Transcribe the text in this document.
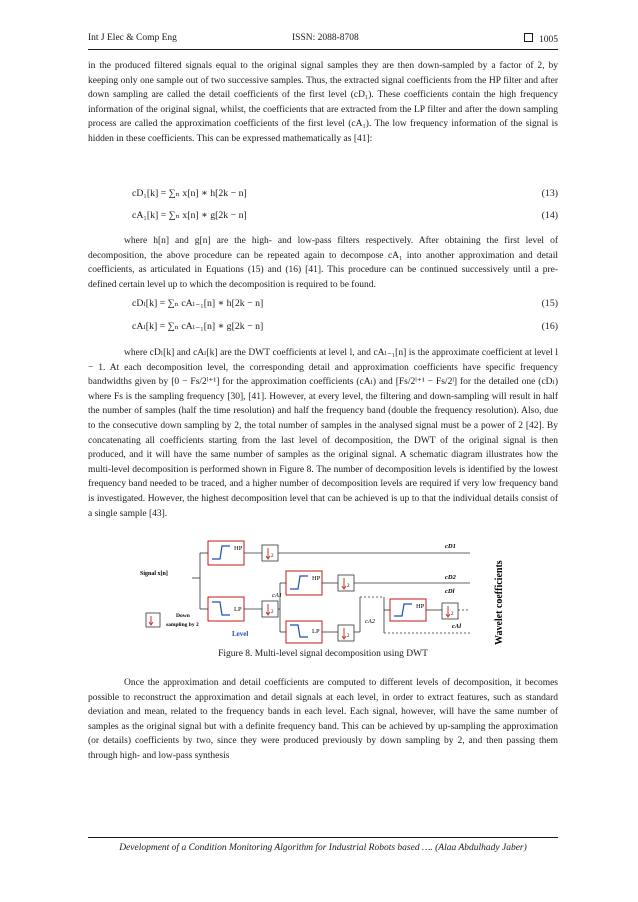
Int J Elec & Comp Eng	ISSN: 2088-8708	1005

in the produced filtered signals equal to the original signal samples they are then down-sampled by a factor of 2, by keeping only one sample out of two successive samples. Thus, the extracted signal coefficients from the HP filter and after down sampling are called the detail coefficients of the first level (cD₁). These coefficients contain the high frequency information of the original signal, whilst, the coefficients that are extracted from the LP filter and after the down sampling process are called the approximation coefficients of the first level (cA₁). The low frequency information of the signal is hidden in these coefficients. This can be expressed mathematically as [41]:

cD₁[k] = ∑ₙ x[n] ∗ h[2k − n]	(13)
cA₁[k] = ∑ₙ x[n] ∗ g[2k − n]	(14)

where h[n] and g[n] are the high- and low-pass filters respectively. After obtaining the first level of decomposition, the above procedure can be repeated again to decompose cA₁ into another approximation and detail coefficients, as articulated in Equations (15) and (16) [41]. This procedure can be continued successively until a pre-defined certain level up to which the decomposition is required to be found.

cDₗ[k] = ∑ₙ cAₗ₋₁[n] ∗ h[2k − n]	(15)
cAₗ[k] = ∑ₙ cAₗ₋₁[n] ∗ g[2k − n]	(16)

where cDₗ[k] and cAₗ[k] are the DWT coefficients at level l, and cAₗ₋₁[n] is the approximate coefficient at level l − 1. At each decomposition level, the corresponding detail and approximation coefficients have specific frequency bandwidths given by [0 − Fs/2ˡ⁺¹] for the approximation coefficients (cAₗ) and [Fs/2ˡ⁺¹ − Fs/2ˡ] for the detailed one (cDₗ) where Fs is the sampling frequency [30], [41]. However, at every level, the filtering and down-sampling will result in half the number of samples (half the time resolution) and half the frequency band (double the frequency resolution). Also, due to the consecutive down sampling by 2, the total number of samples in the analysed signal must be a power of 2 [42]. By concatenating all coefficients starting from the last level of decomposition, the DWT of the original signal is then produced, and it will have the same number of samples as the original signal. A schematic diagram illustrates how the multi-level decomposition is performed shown in Figure 8. The number of decomposition levels is identified by the lowest frequency band needed to be traced, and a higher number of decomposition levels are required if very low frequency band is investigated. However, the highest decomposition level that can be achieved is up to that the individual details consist of a single sample [43].

HP
LP
HP
LP
HP
2
2
2
2
2
Signal x[n]
cA1
cA2
cD1
cD2
cDl
cAl
Level
Down
sampling by 2	Wavelet coefficients
Figure 8. Multi-level signal decomposition using DWT

Once the approximation and detail coefficients are computed to different levels of decomposition, it becomes possible to reconstruct the approximation and detail signals at each level, in order to extract features, such as standard deviation and mean, related to the frequency bands in each level. Each signal, however, will have the same number of samples as the original signal but with a definite frequency band. This can be achieved by up-sampling the approximation (or details) coefficients by two, since they were produced previously by down sampling by 2, and then passing them through high- and low-pass synthesis

Development of a Condition Monitoring Algorithm for Industrial Robots based …. (Alaa Abdulhady Jaber)
